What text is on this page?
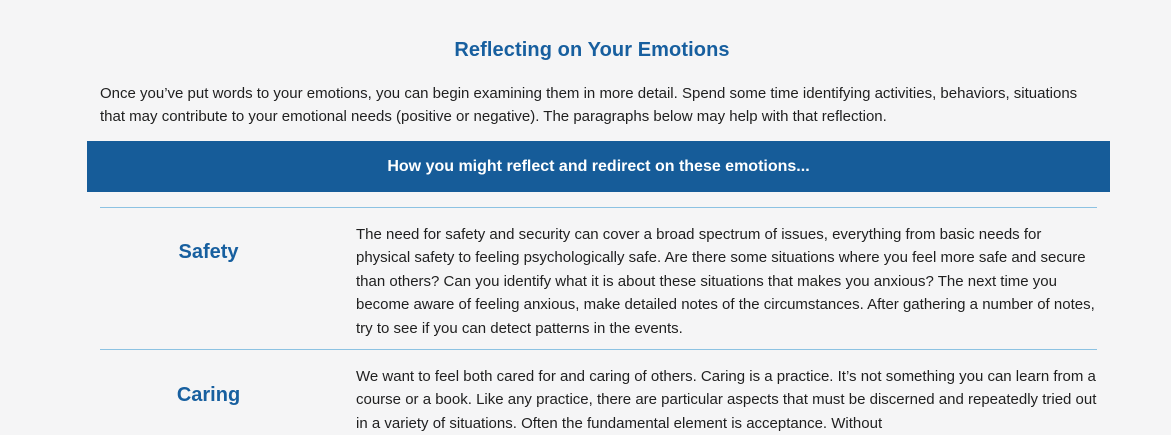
Reflecting on Your Emotions

Once you’ve put words to your emotions, you can begin examining them in more detail. Spend some time identifying activities, behaviors, situations that may contribute to your emotional needs (positive or negative). The paragraphs below may help with that reflection.

How you might reflect and redirect on these emotions...
Safety

The need for safety and security can cover a broad spectrum of issues, everything from basic needs for physical safety to feeling psychologically safe. Are there some situations where you feel more safe and secure than others? Can you identify what it is about these situations that makes you anxious? The next time you become aware of feeling anxious, make detailed notes of the circumstances. After gathering a number of notes, try to see if you can detect patterns in the events.

Caring

We want to feel both cared for and caring of others. Caring is a practice. It’s not something you can learn from a course or a book. Like any practice, there are particular aspects that must be discerned and repeatedly tried out in a variety of situations. Often the fundamental element is acceptance. Without
